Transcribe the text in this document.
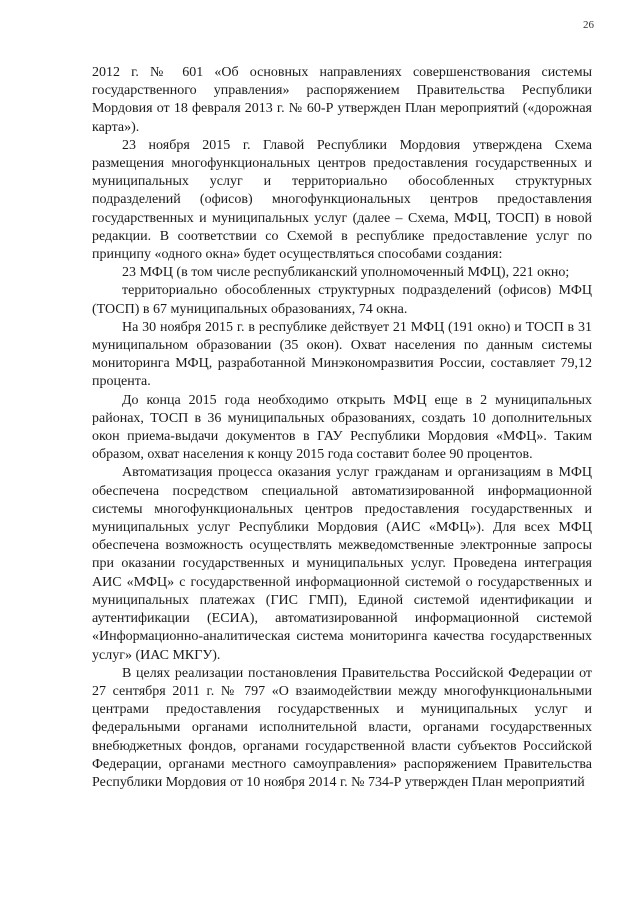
26

2012 г. № 601 «Об основных направлениях совершенствования системы государственного управления» распоряжением Правительства Республики Мордовия от 18 февраля 2013 г. № 60-Р утвержден План мероприятий («дорожная карта»).

23 ноября 2015 г. Главой Республики Мордовия утверждена Схема размещения многофункциональных центров предоставления государственных и муниципальных услуг и территориально обособленных структурных подразделений (офисов) многофункциональных центров предоставления государственных и муниципальных услуг (далее – Схема, МФЦ, ТОСП) в новой редакции. В соответствии со Схемой в республике предоставление услуг по принципу «одного окна» будет осуществляться способами создания:

23 МФЦ (в том числе республиканский уполномоченный МФЦ), 221 окно;

территориально обособленных структурных подразделений (офисов) МФЦ (ТОСП) в 67 муниципальных образованиях, 74 окна.

На 30 ноября 2015 г. в республике действует 21 МФЦ (191 окно) и ТОСП в 31 муниципальном образовании (35 окон). Охват населения по данным системы мониторинга МФЦ, разработанной Минэкономразвития России, составляет 79,12 процента.

До конца 2015 года необходимо открыть МФЦ еще в 2 муниципальных районах, ТОСП в 36 муниципальных образованиях, создать 10 дополнительных окон приема-выдачи документов в ГАУ Республики Мордовия «МФЦ». Таким образом, охват населения к концу 2015 года составит более 90 процентов.

Автоматизация процесса оказания услуг гражданам и организациям в МФЦ обеспечена посредством специальной автоматизированной информационной системы многофункциональных центров предоставления государственных и муниципальных услуг Республики Мордовия (АИС «МФЦ»). Для всех МФЦ обеспечена возможность осуществлять межведомственные электронные запросы при оказании государственных и муниципальных услуг. Проведена интеграция АИС «МФЦ» с государственной информационной системой о государственных и муниципальных платежах (ГИС ГМП), Единой системой идентификации и аутентификации (ЕСИА), автоматизированной информационной системой «Информационно-аналитическая система мониторинга качества государственных услуг» (ИАС МКГУ).

В целях реализации постановления Правительства Российской Федерации от 27 сентября 2011 г. № 797 «О взаимодействии между многофункциональными центрами предоставления государственных и муниципальных услуг и федеральными органами исполнительной власти, органами государственных внебюджетных фондов, органами государственной власти субъектов Российской Федерации, органами местного самоуправления» распоряжением Правительства Республики Мордовия от 10 ноября 2014 г. № 734-Р утвержден План мероприятий
